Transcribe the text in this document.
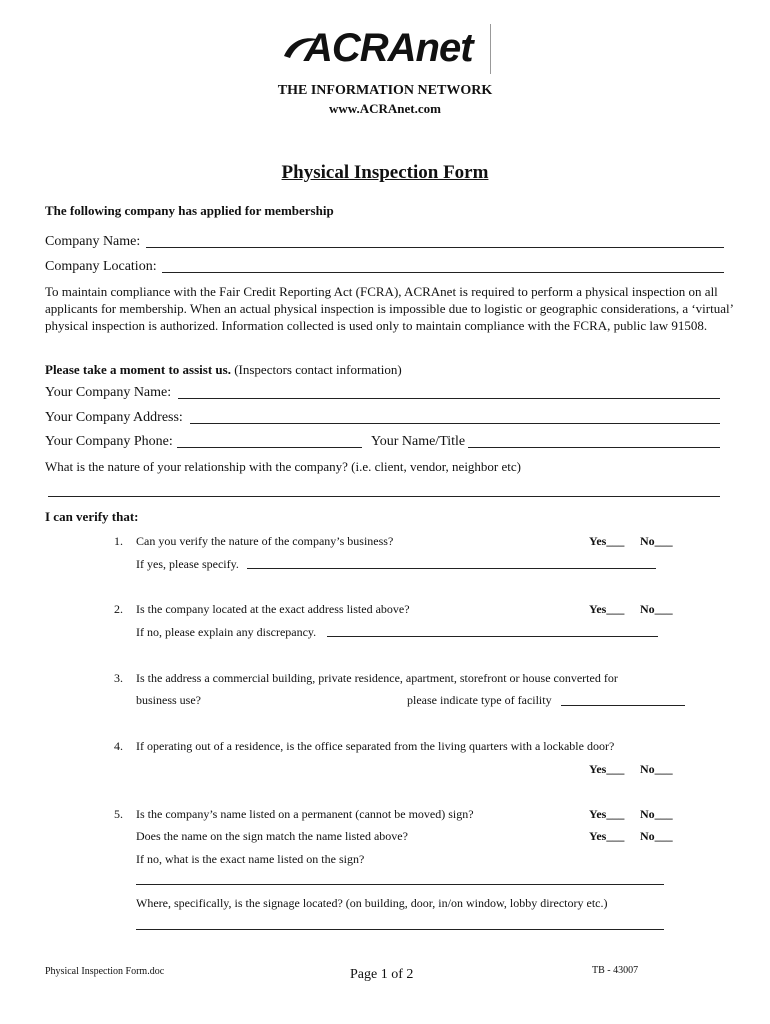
ACRAnet
THE INFORMATION NETWORK
www.ACRAnet.com
Physical Inspection Form
The following company has applied for membership
Company Name:
Company Location:
To maintain compliance with the Fair Credit Reporting Act (FCRA), ACRAnet is required to perform a physical inspection on all applicants for membership. When an actual physical inspection is impossible due to logistic or geographic considerations, a ‘virtual’ physical inspection is authorized. Information collected is used only to maintain compliance with the FCRA, public law 91508.
Please take a moment to assist us. (Inspectors contact information)
Your Company Name:
Your Company Address:
Your Company Phone:	Your Name/Title
What is the nature of your relationship with the company? (i.e. client, vendor, neighbor etc)
I can verify that:
1. Can you verify the nature of the company’s business?	Yes___ No___
If yes, please specify.
2. Is the company located at the exact address listed above?	Yes___ No___
If no, please explain any discrepancy.
3. Is the address a commercial building, private residence, apartment, storefront or house converted for
business use?	please indicate type of facility
4. If operating out of a residence, is the office separated from the living quarters with a lockable door?
Yes___ No___
5. Is the company’s name listed on a permanent (cannot be moved) sign?	Yes___ No___
Does the name on the sign match the name listed above?	Yes___ No___
If no, what is the exact name listed on the sign?
Where, specifically, is the signage located? (on building, door, in/on window, lobby directory etc.)
Physical Inspection Form.doc	Page 1 of 2	TB - 43007
